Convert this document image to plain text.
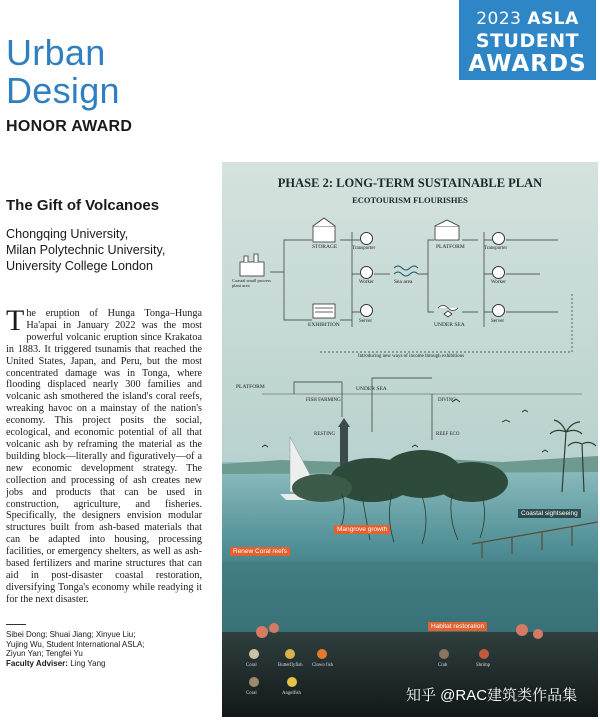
Urban
Design
HONOR AWARD
2023 ASLA
STUDENT
AWARDS
The Gift of Volcanoes
Chongqing University,
Milan Polytechnic University,
University College London
The eruption of Hunga Tonga–Hunga Ha'apai in January 2022 was the most powerful volcanic eruption since Krakatoa in 1883. It triggered tsunamis that reached the United States, Japan, and Peru, but the most concentrated damage was in Tonga, where flooding displaced nearly 300 families and volcanic ash smothered the island's coral reefs, wreaking havoc on a mainstay of the nation's economy. This project posits the social, ecological, and economic potential of all that volcanic ash by reframing the material as the building block—literally and figuratively—of a new economic development strategy. The collection and processing of ash creates new jobs and products that can be used in construction, agriculture, and fisheries. Specifically, the designers envision modular structures built from ash-based materials that can be adapted into housing, processing facilities, or emergency shelters, as well as ash-based fertilizers and marine structures that can aid in post-disaster coastal restoration, diversifying Tonga's economy while readying it for the next disaster.
Sibei Dong; Shuai Jiang; Xinyue Liu;
Yujing Wu, Student International ASLA;
Ziyun Yan; Tengfei Yu
Faculty Adviser: Ling Yang
PHASE 2: LONG-TERM SUSTAINABLE PLAN
ECOTOURISM FLOURISHES
Coastal small process plant area
STORAGE
EXHIBITION
Transporter
Worker
Server
Sea area
PLATFORM
UNDER SEA
Transporter
Worker
Server
Introducing new ways of income through exhibitions
PLATFORM
FISH FARMING
UNDER SEA
DIVING
RESTING	REEF ECO
Mangrove growth
Coastal sightseeing
Renew Coral reefs
Habitat restoration
Coral	Butterflyfish Clown fish	Crab	Shrimp
Coral	Angelfish	知乎 @RAC建筑类作品集
